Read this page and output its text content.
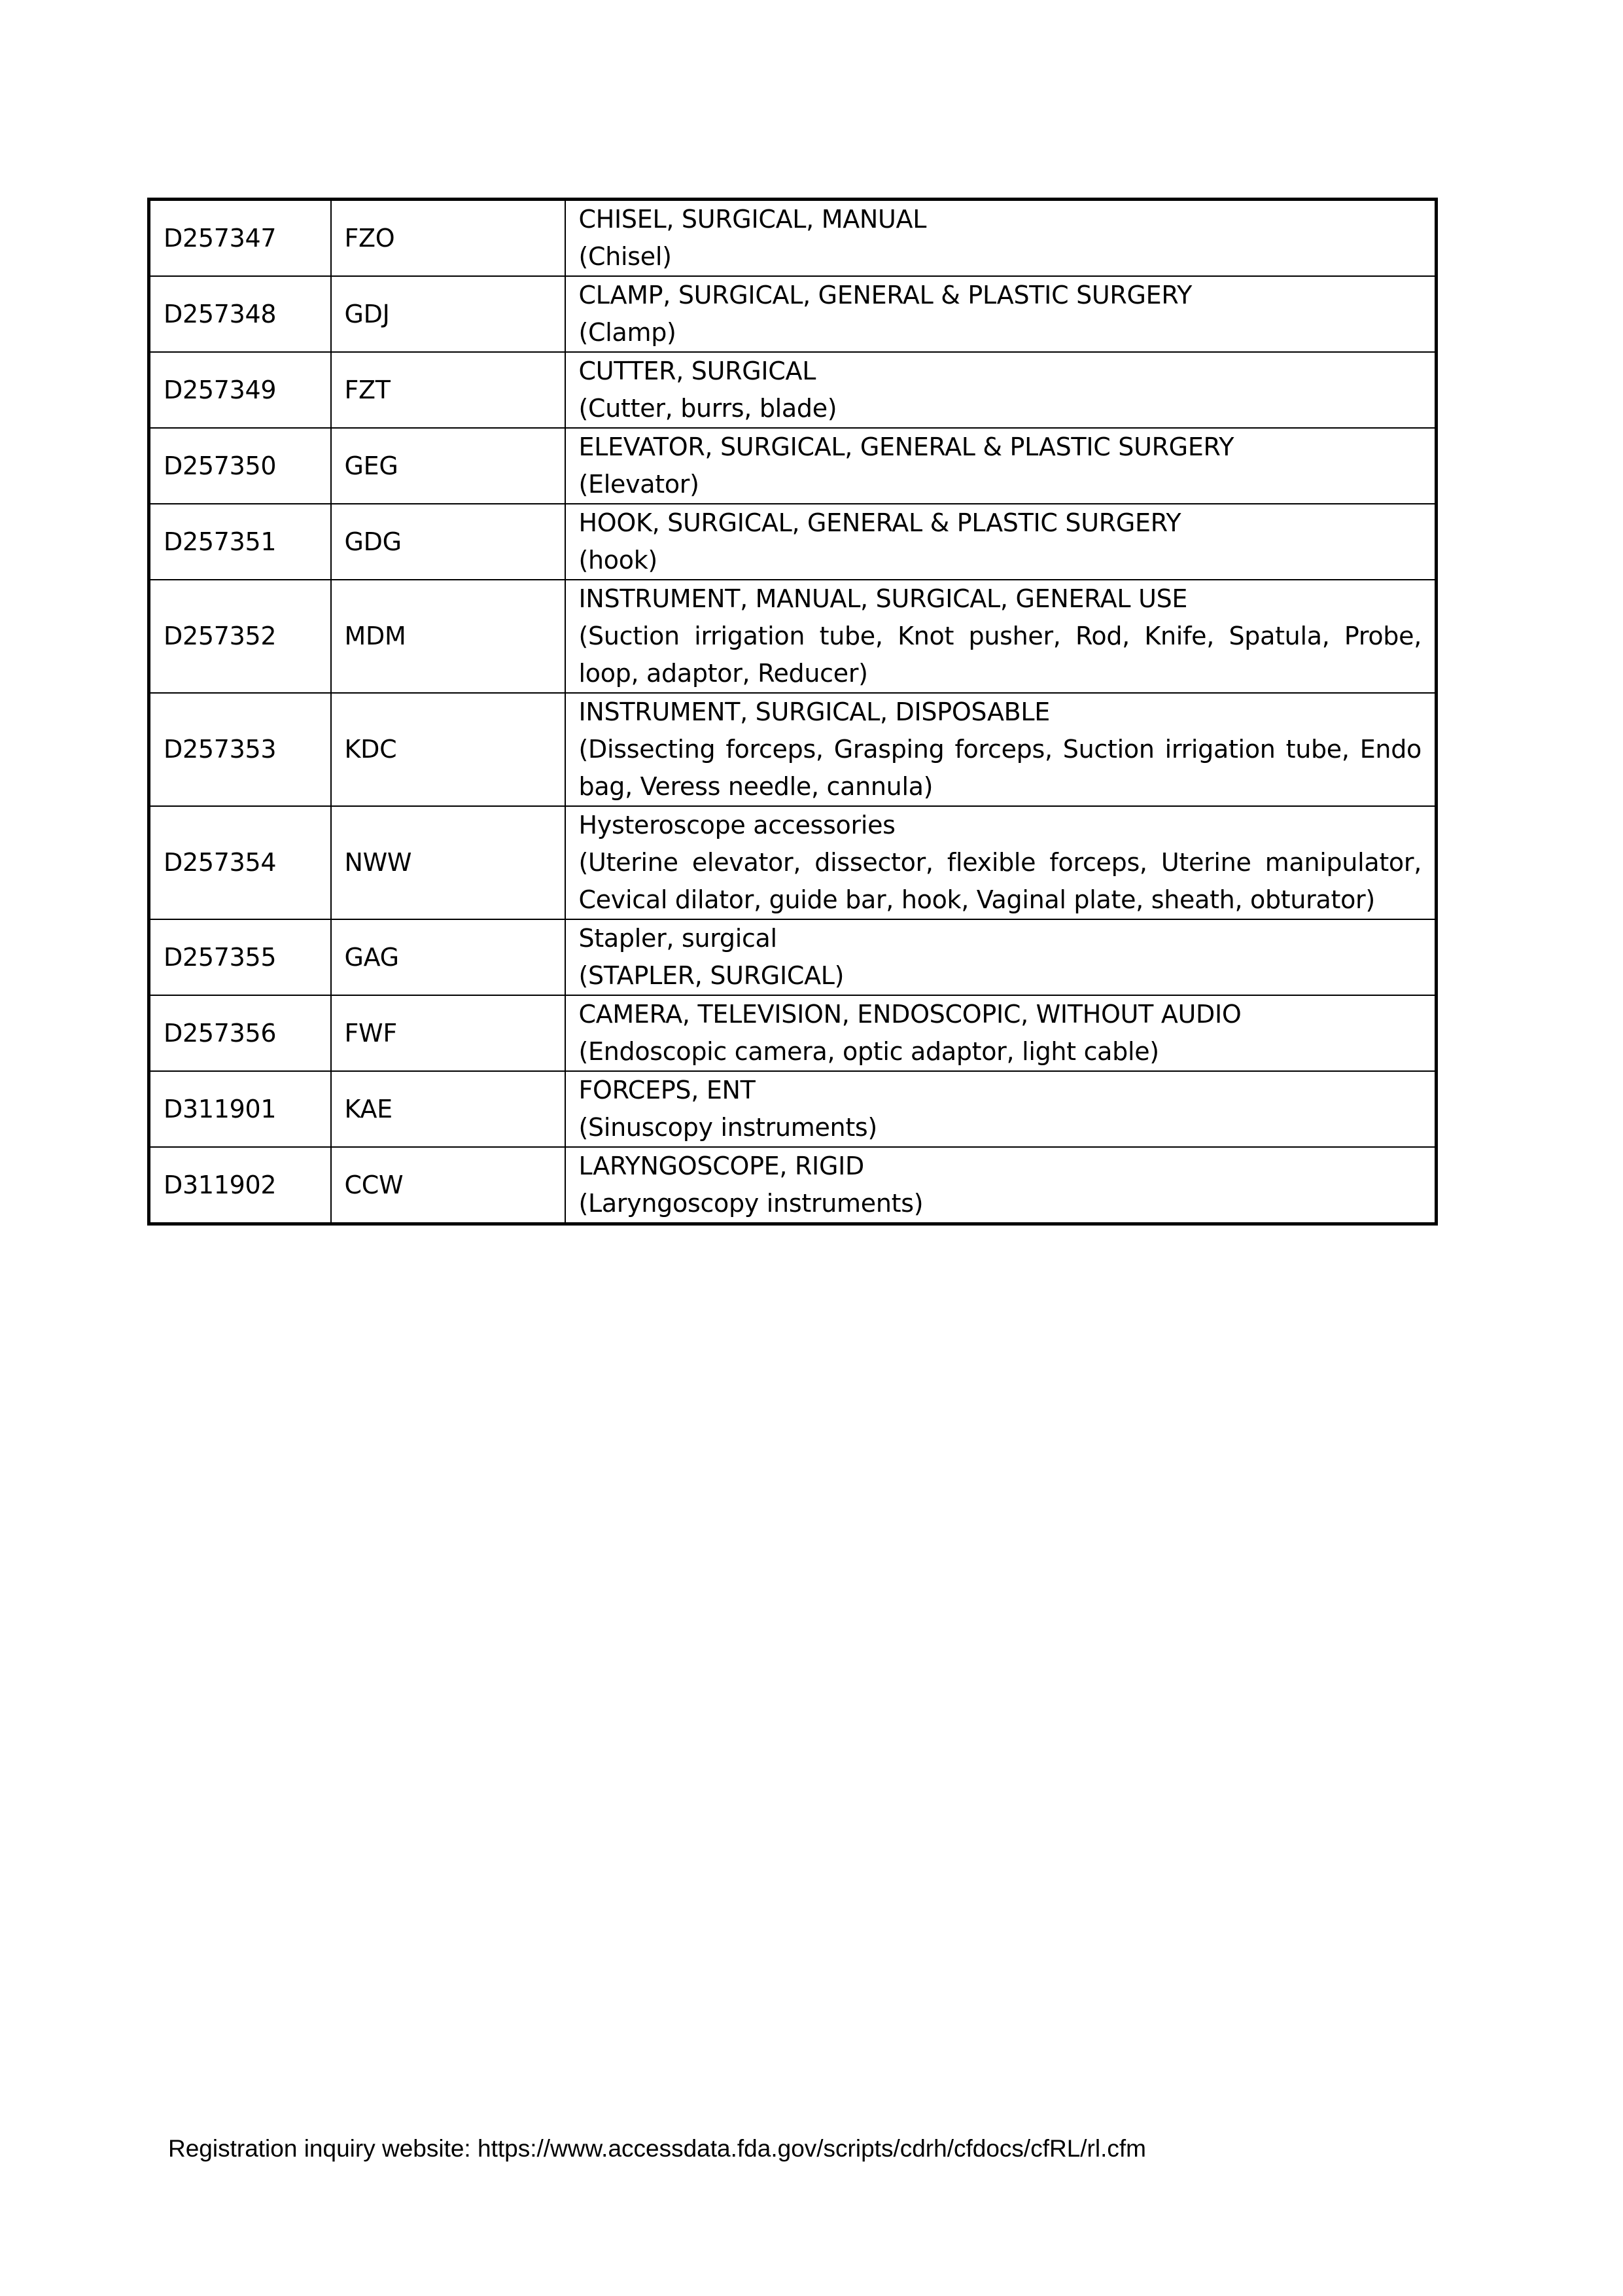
D257347	FZO	CHISEL, SURGICAL, MANUAL
(Chisel)

D257348	GDJ	CLAMP, SURGICAL, GENERAL & PLASTIC SURGERY
(Clamp)

D257349	FZT	CUTTER, SURGICAL
(Cutter, burrs, blade)

D257350	GEG	ELEVATOR, SURGICAL, GENERAL & PLASTIC SURGERY
(Elevator)

D257351	GDG	HOOK, SURGICAL, GENERAL & PLASTIC SURGERY
(hook)

D257352	MDM	INSTRUMENT, MANUAL, SURGICAL, GENERAL USE
(Suction irrigation tube, Knot pusher, Rod, Knife, Spatula, Probe, loop, adaptor, Reducer)

D257353	KDC	INSTRUMENT, SURGICAL, DISPOSABLE
(Dissecting forceps, Grasping forceps, Suction irrigation tube, Endo bag, Veress needle, cannula)

D257354	NWW	Hysteroscope accessories
(Uterine elevator, dissector, flexible forceps, Uterine manipulator, Cevical dilator, guide bar, hook, Vaginal plate, sheath, obturator)

D257355	GAG	Stapler, surgical
(STAPLER, SURGICAL)

D257356	FWF	CAMERA, TELEVISION, ENDOSCOPIC, WITHOUT AUDIO
(Endoscopic camera, optic adaptor, light cable)

D311901	KAE	FORCEPS, ENT
(Sinuscopy instruments)

D311902	CCW	LARYNGOSCOPE, RIGID
(Laryngoscopy instruments)
Registration inquiry website: https://www.accessdata.fda.gov/scripts/cdrh/cfdocs/cfRL/rl.cfm
